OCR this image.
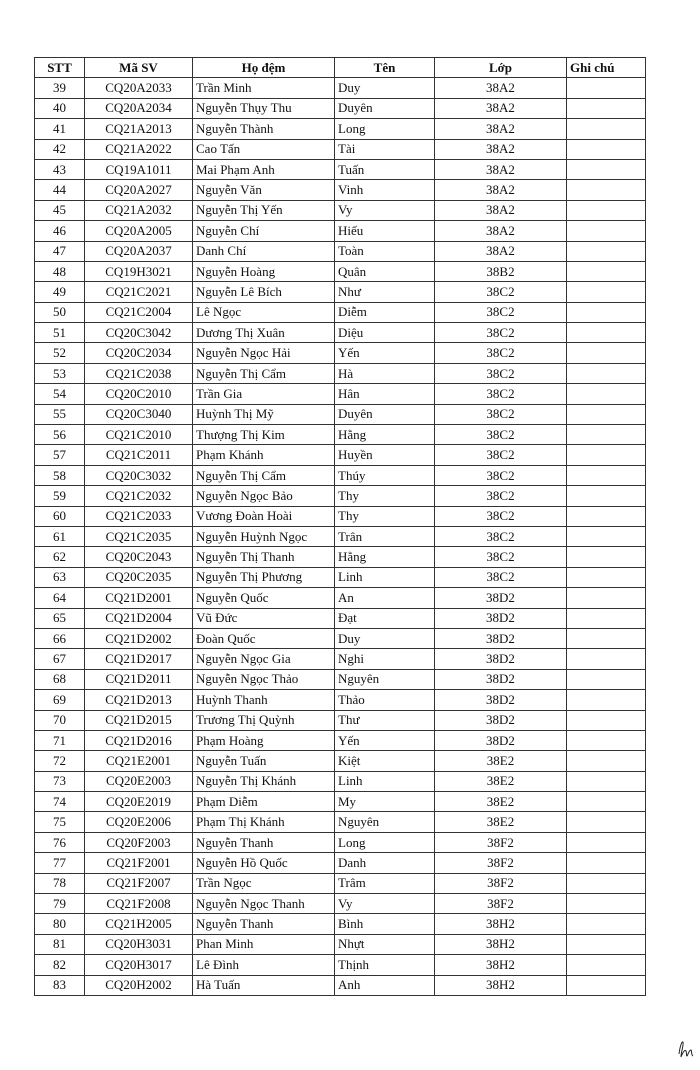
STT	Mã SV	Họ đệm	Tên	Lớp	Ghi chú
39	CQ20A2033	Trần Minh	Duy	38A2	
40	CQ20A2034	Nguyễn Thụy Thu	Duyên	38A2	
41	CQ21A2013	Nguyễn Thành	Long	38A2	
42	CQ21A2022	Cao Tấn	Tài	38A2	
43	CQ19A1011	Mai Phạm Anh	Tuấn	38A2	
44	CQ20A2027	Nguyễn Văn	Vinh	38A2	
45	CQ21A2032	Nguyễn Thị Yến	Vy	38A2	
46	CQ20A2005	Nguyễn Chí	Hiếu	38A2	
47	CQ20A2037	Danh Chí	Toàn	38A2	
48	CQ19H3021	Nguyễn Hoàng	Quân	38B2	
49	CQ21C2021	Nguyễn Lê Bích	Như	38C2	
50	CQ21C2004	Lê Ngọc	Diễm	38C2	
51	CQ20C3042	Dương Thị Xuân	Diệu	38C2	
52	CQ20C2034	Nguyễn Ngọc Hải	Yến	38C2	
53	CQ21C2038	Nguyễn Thị Cẩm	Hà	38C2	
54	CQ20C2010	Trần Gia	Hân	38C2	
55	CQ20C3040	Huỳnh Thị Mỹ	Duyên	38C2	
56	CQ21C2010	Thượng Thị Kim	Hằng	38C2	
57	CQ21C2011	Phạm Khánh	Huyền	38C2	
58	CQ20C3032	Nguyễn Thị Cẩm	Thúy	38C2	
59	CQ21C2032	Nguyễn Ngọc Bảo	Thy	38C2	
60	CQ21C2033	Vương Đoàn Hoài	Thy	38C2	
61	CQ21C2035	Nguyễn Huỳnh Ngọc	Trân	38C2	
62	CQ20C2043	Nguyễn Thị Thanh	Hằng	38C2	
63	CQ20C2035	Nguyễn Thị Phương	Linh	38C2	
64	CQ21D2001	Nguyễn Quốc	An	38D2	
65	CQ21D2004	Vũ Đức	Đạt	38D2	
66	CQ21D2002	Đoàn Quốc	Duy	38D2	
67	CQ21D2017	Nguyễn Ngọc Gia	Nghi	38D2	
68	CQ21D2011	Nguyễn Ngọc Thảo	Nguyên	38D2	
69	CQ21D2013	Huỳnh Thanh	Thảo	38D2	
70	CQ21D2015	Trương Thị Quỳnh	Thư	38D2	
71	CQ21D2016	Phạm Hoàng	Yến	38D2	
72	CQ21E2001	Nguyễn Tuấn	Kiệt	38E2	
73	CQ20E2003	Nguyễn Thị Khánh	Linh	38E2	
74	CQ20E2019	Phạm Diễm	My	38E2	
75	CQ20E2006	Phạm Thị Khánh	Nguyên	38E2	
76	CQ20F2003	Nguyễn Thanh	Long	38F2	
77	CQ21F2001	Nguyễn Hồ Quốc	Danh	38F2	
78	CQ21F2007	Trần Ngọc	Trâm	38F2	
79	CQ21F2008	Nguyễn Ngọc Thanh	Vy	38F2	
80	CQ21H2005	Nguyễn Thanh	Bình	38H2	
81	CQ20H3031	Phan Minh	Nhựt	38H2	
82	CQ20H3017	Lê Đình	Thịnh	38H2	
83	CQ20H2002	Hà Tuấn	Anh	38H2	
